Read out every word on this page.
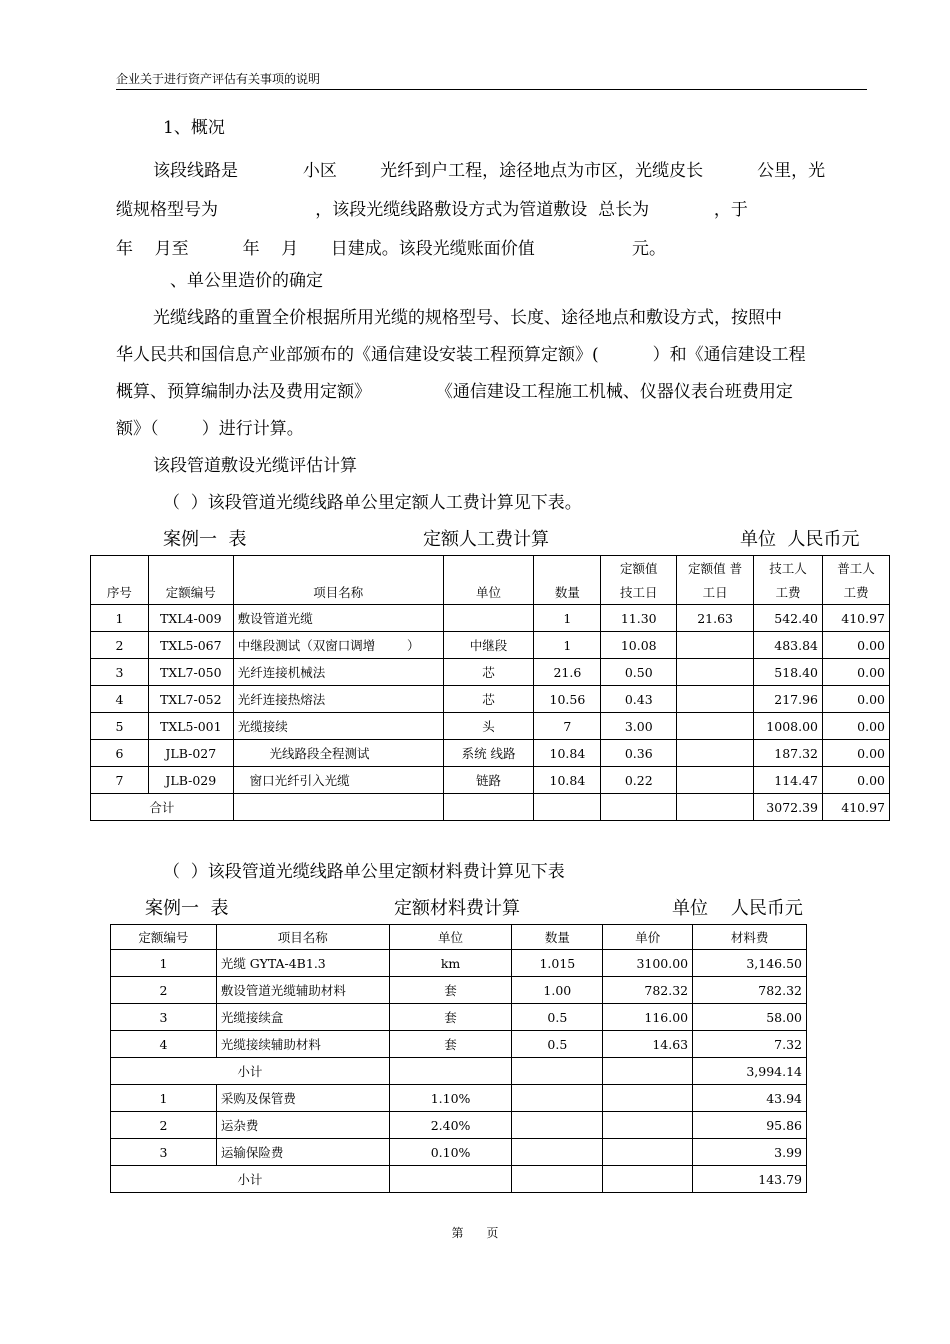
企业关于进行资产评估有关事项的说明
1、概况
该段线路是            小区        光纤到户工程，途径地点为市区，光缆皮长          公里，光
缆规格型号为                  ，该段光缆线路敷设方式为管道敷设  总长为            ，于
年    月至          年    月      日建成。该段光缆账面价值                  元。
、单公里造价的确定
光缆线路的重置全价根据所用光缆的规格型号、长度、途径地点和敷设方式，按照中
华人民共和国信息产业部颁布的《通信建设安装工程预算定额》(          ）和《通信建设工程
概算、预算编制办法及费用定额》            《通信建设工程施工机械、仪器仪表台班费用定
额》（        ）进行计算。
该段管道敷设光缆评估计算
（  ）该段管道光缆线路单公里定额人工费计算见下表。
案例一  表	定额人工费计算	单位  人民币元
					定额值	定额值 普	技工人	普工人
序号	定额编号	项目名称	单位	数量	技工日	工日	工费	工费
1	TXL4-009	敷设管道光缆		1	11.30	21.63	542.40	410.97
2	TXL5-067	中继段测试（双窗口调增        ）	中继段	1	10.08		483.84	0.00
3	TXL7-050	光纤连接机械法	芯	21.6	0.50		518.40	0.00
4	TXL7-052	光纤连接热熔法	芯	10.56	0.43		217.96	0.00
5	TXL5-001	光缆接续	头	7	3.00		1008.00	0.00
6	JLB-027	光线路段全程测试	系统 线路	10.84	0.36		187.32	0.00
7	JLB-029	窗口光纤引入光缆	链路	10.84	0.22		114.47	0.00
合计							3072.39	410.97
（  ）该段管道光缆线路单公里定额材料费计算见下表
案例一  表	定额材料费计算	单位    人民币元
定额编号	项目名称	单位	数量	单价	材料费
1	光缆 GYTA-4B1.3	km	1.015	3100.00	3,146.50
2	敷设管道光缆辅助材料	套	1.00	782.32	782.32
3	光缆接续盒	套	0.5	116.00	58.00
4	光缆接续辅助材料	套	0.5	14.63	7.32
小计					3,994.14
1	采购及保管费	1.10%			43.94
2	运杂费	2.40%			95.86
3	运输保险费	0.10%			3.99
小计					143.79
第      页
